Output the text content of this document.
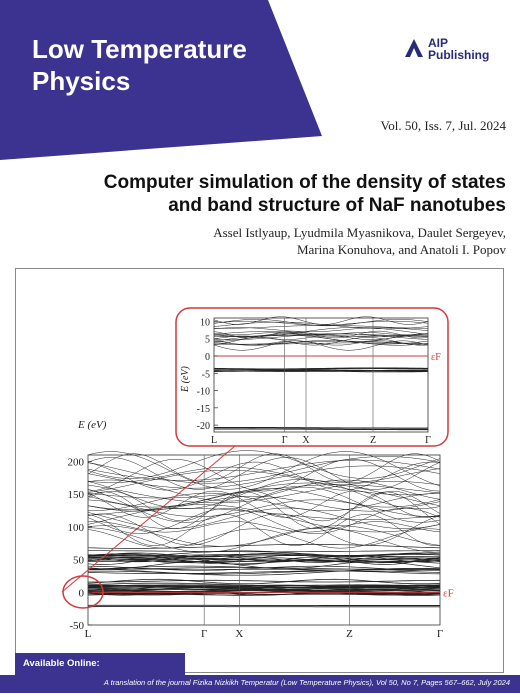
Low Temperature
Physics
AIP
Publishing
Vol. 50, Iss. 7, Jul. 2024
Computer simulation of the density of states
and band structure of NaF nanotubes
Assel Istlyaup, Lyudmila Myasnikova, Daulet Sergeyev,
Marina Konuhova, and Anatoli I. Popov
εF
200
150
100
50
0
-50
L	Γ	X	Z	Γ
E (eV)
εF
10
5
0
-5
-10
-15
-20
L	Γ X	Z	Γ
E (eV)
Available Online:
A translation of the journal Fizika Nizkikh Temperatur (Low Temperature Physics), Vol 50, No 7, Pages 567–662, July 2024
